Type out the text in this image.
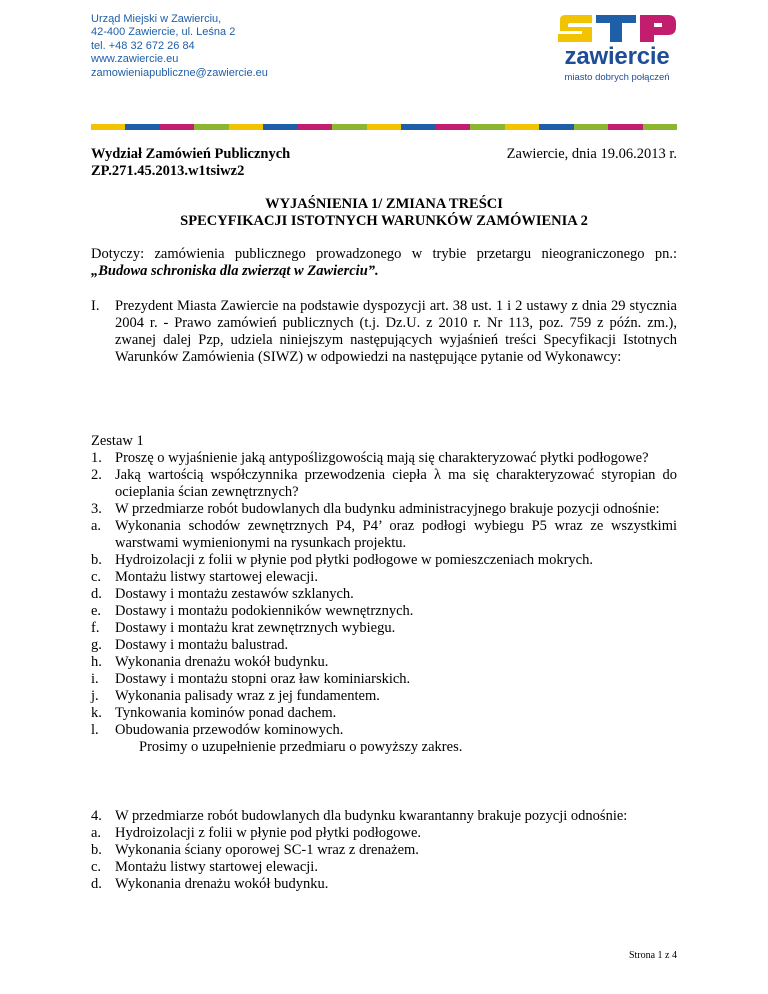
Urząd Miejski w Zawierciu,
42-400 Zawiercie, ul. Leśna 2
tel. +48 32 672 26 84
www.zawiercie.eu
zamowieniapubliczne@zawiercie.eu
zawiercie
miasto dobrych połączeń
Wydział Zamówień Publicznych
ZP.271.45.2013.w1tsiwz2
Zawiercie, dnia 19.06.2013 r.
WYJAŚNIENIA 1/ ZMIANA TREŚCI
SPECYFIKACJI ISTOTNYCH WARUNKÓW ZAMÓWIENIA 2
Dotyczy: zamówienia publicznego prowadzonego w trybie przetargu nieograniczonego pn.:
„Budowa schroniska dla zwierząt w Zawierciu”.
I. Prezydent Miasta Zawiercie na podstawie dyspozycji art. 38 ust. 1 i 2 ustawy z dnia 29 stycznia 2004 r. - Prawo zamówień publicznych (t.j. Dz.U. z 2010 r. Nr 113, poz. 759 z późn. zm.), zwanej dalej Pzp, udziela niniejszym następujących wyjaśnień treści Specyfikacji Istotnych Warunków Zamówienia (SIWZ) w odpowiedzi na następujące pytanie od Wykonawcy:
Zestaw 1
1. Proszę o wyjaśnienie jaką antypoślizgowością mają się charakteryzować płytki podłogowe?
2. Jaką wartością współczynnika przewodzenia ciepła λ ma się charakteryzować styropian do ocieplania ścian zewnętrznych?
3. W przedmiarze robót budowlanych dla budynku administracyjnego brakuje pozycji odnośnie:
a. Wykonania schodów zewnętrznych P4, P4’ oraz podłogi wybiegu P5 wraz ze wszystkimi warstwami wymienionymi na rysunkach projektu.
b. Hydroizolacji z folii w płynie pod płytki podłogowe w pomieszczeniach mokrych.
c. Montażu listwy startowej elewacji.
d. Dostawy i montażu zestawów szklanych.
e. Dostawy i montażu podokienników wewnętrznych.
f.	Dostawy i montażu krat zewnętrznych wybiegu.
g. Dostawy i montażu balustrad.
h. Wykonania drenażu wokół budynku.
i.	Dostawy i montażu stopni oraz ław kominiarskich.
j.	Wykonania palisady wraz z jej fundamentem.
k. Tynkowania kominów ponad dachem.
l.	Obudowania przewodów kominowych.
Prosimy o uzupełnienie przedmiaru o powyższy zakres.
4. W przedmiarze robót budowlanych dla budynku kwarantanny brakuje pozycji odnośnie:
a. Hydroizolacji z folii w płynie pod płytki podłogowe.
b. Wykonania ściany oporowej SC-1 wraz z drenażem.
c. Montażu listwy startowej elewacji.
d. Wykonania drenażu wokół budynku.
Strona 1 z 4
